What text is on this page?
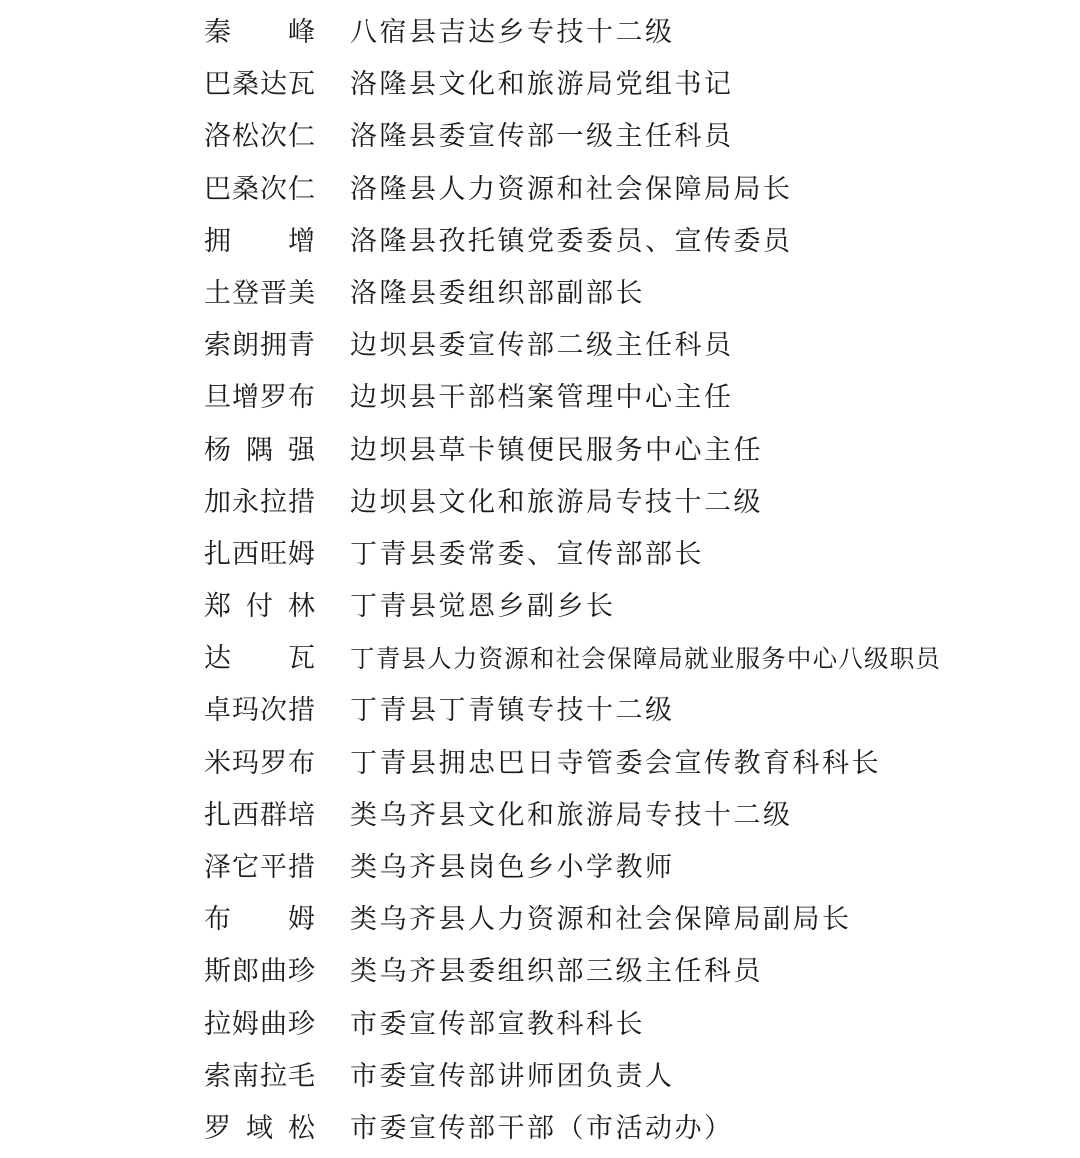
秦峰 八宿县吉达乡专技十二级
巴桑达瓦 洛隆县文化和旅游局党组书记
洛松次仁 洛隆县委宣传部一级主任科员
巴桑次仁 洛隆县人力资源和社会保障局局长
拥增 洛隆县孜托镇党委委员、宣传委员
土登晋美 洛隆县委组织部副部长
索朗拥青 边坝县委宣传部二级主任科员
旦增罗布 边坝县干部档案管理中心主任
杨隅强 边坝县草卡镇便民服务中心主任
加永拉措 边坝县文化和旅游局专技十二级
扎西旺姆 丁青县委常委、宣传部部长
郑付林 丁青县觉恩乡副乡长
达瓦 丁青县人力资源和社会保障局就业服务中心八级职员
卓玛次措 丁青县丁青镇专技十二级
米玛罗布 丁青县拥忠巴日寺管委会宣传教育科科长
扎西群培 类乌齐县文化和旅游局专技十二级
泽它平措 类乌齐县岗色乡小学教师
布姆 类乌齐县人力资源和社会保障局副局长
斯郎曲珍 类乌齐县委组织部三级主任科员
拉姆曲珍 市委宣传部宣教科科长
索南拉毛 市委宣传部讲师团负责人
罗域松 市委宣传部干部（市活动办）
